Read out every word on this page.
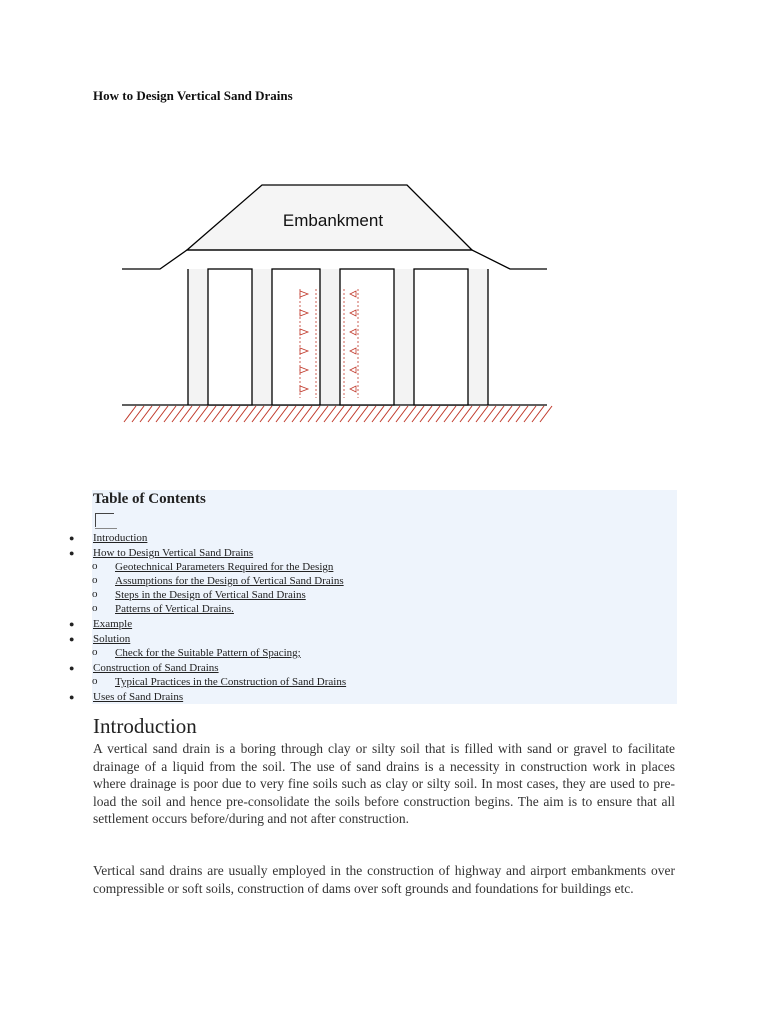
How to Design Vertical Sand Drains
Embankment
Table of Contents
● Introduction
● How to Design Vertical Sand Drains
o Geotechnical Parameters Required for the Design
o Assumptions for the Design of Vertical Sand Drains
o Steps in the Design of Vertical Sand Drains
o Patterns of Vertical Drains.
● Example
● Solution
o Check for the Suitable Pattern of Spacing;
● Construction of Sand Drains
o Typical Practices in the Construction of Sand Drains
● Uses of Sand Drains
Introduction
A vertical sand drain is a boring through clay or silty soil that is filled with sand or gravel to facilitate drainage of a liquid from the soil. The use of sand drains is a necessity in construction work in places where drainage is poor due to very fine soils such as clay or silty soil. In most cases, they are used to pre-load the soil and hence pre-consolidate the soils before construction begins. The aim is to ensure that all settlement occurs before/during and not after construction.
Vertical sand drains are usually employed in the construction of highway and airport embankments over compressible or soft soils, construction of dams over soft grounds and foundations for buildings etc.
